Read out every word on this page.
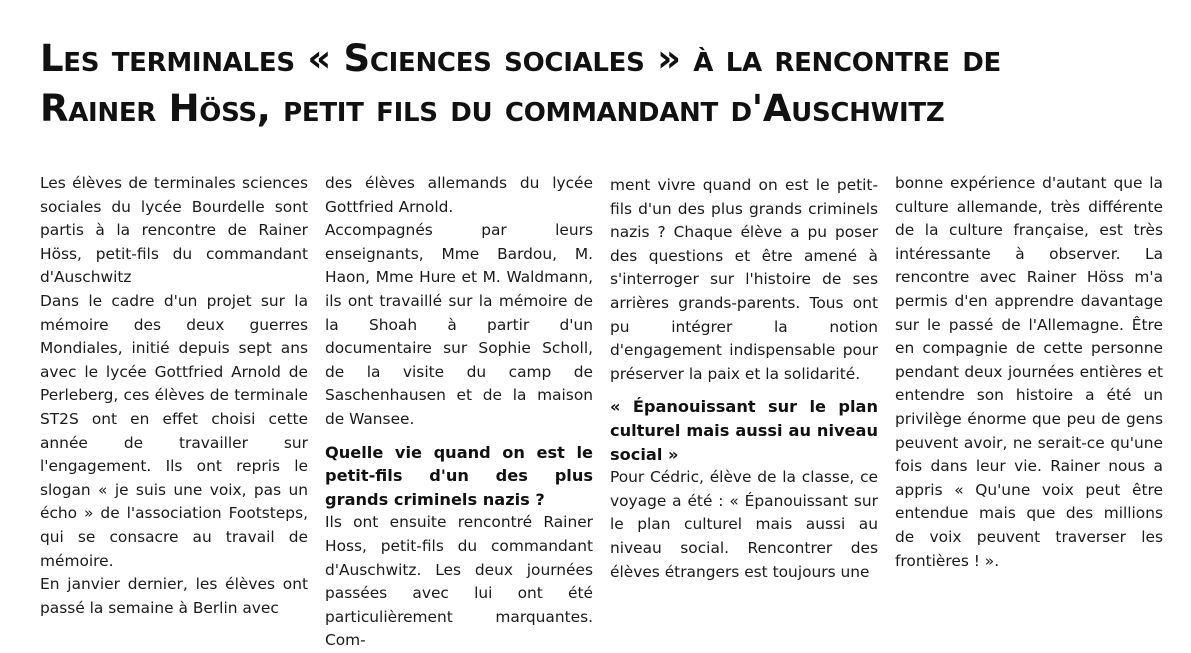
Les terminales « Sciences sociales » à la rencontre de
Rainer Höss, petit fils du commandant d'Auschwitz

Les élèves de terminales sciences sociales du lycée Bourdelle sont partis à la rencontre de Rainer Höss, petit-fils du commandant d'Auschwitz

Dans le cadre d'un projet sur la mémoire des deux guerres Mondiales, initié depuis sept ans avec le lycée Gottfried Arnold de Perleberg, ces élèves de terminale ST2S ont en effet choisi cette année de travailler sur l'engagement. Ils ont repris le slogan « je suis une voix, pas un écho » de l'association Footsteps, qui se consacre au travail de mémoire.

En janvier dernier, les élèves ont passé la semaine à Berlin avec

des élèves allemands du lycée Gottfried Arnold.

Accompagnés par leurs enseignants, Mme Bardou, M. Haon, Mme Hure et M. Waldmann, ils ont travaillé sur la mémoire de la Shoah à partir d'un documentaire sur Sophie Scholl, de la visite du camp de Saschenhausen et de la maison de Wansee.

Quelle vie quand on est le petit-fils d'un des plus grands criminels nazis ?

Ils ont ensuite rencontré Rainer Hoss, petit-fils du commandant d'Auschwitz. Les deux journées passées avec lui ont été particulièrement marquantes. Com-

ment vivre quand on est le petit-fils d'un des plus grands criminels nazis ? Chaque élève a pu poser des questions et être amené à s'interroger sur l'histoire de ses arrières grands-parents. Tous ont pu intégrer la notion d'engagement indispensable pour préserver la paix et la solidarité.

« Épanouissant sur le plan culturel mais aussi au niveau social »

Pour Cédric, élève de la classe, ce voyage a été : « Épanouissant sur le plan culturel mais aussi au niveau social. Rencontrer des élèves étrangers est toujours une

bonne expérience d'autant que la culture allemande, très différente de la culture française, est très intéressante à observer. La rencontre avec Rainer Höss m'a permis d'en apprendre davantage sur le passé de l'Allemagne. Être en compagnie de cette personne pendant deux journées entières et entendre son histoire a été un privilège énorme que peu de gens peuvent avoir, ne serait-ce qu'une fois dans leur vie. Rainer nous a appris « Qu'une voix peut être entendue mais que des millions de voix peuvent traverser les frontières ! ».
